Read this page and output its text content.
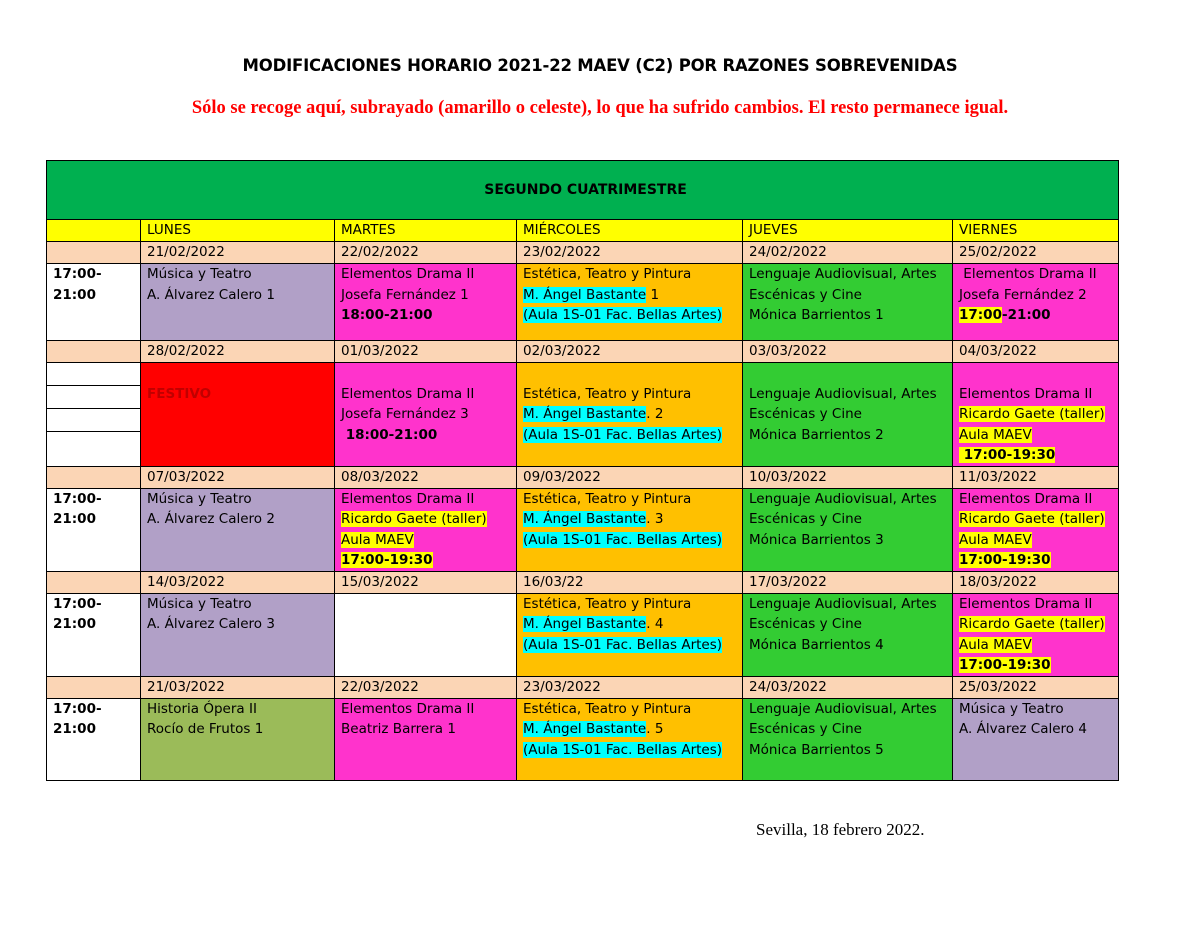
MODIFICACIONES HORARIO 2021-22 MAEV (C2) POR RAZONES SOBREVENIDAS
Sólo se recoge aquí, subrayado (amarillo o celeste), lo que ha sufrido cambios. El resto permanece igual.
SEGUNDO CUATRIMESTRE					
	LUNES	MARTES	MIÉRCOLES	JUEVES	VIERNES
	21/02/2022	22/02/2022	23/02/2022	24/02/2022	25/02/2022

17:00-
21:00	Música y Teatro
A. Álvarez Calero 1	Elementos Drama II
Josefa Fernández 1
18:00-21:00	Estética, Teatro y Pintura
M. Ángel Bastante 1
(Aula 1S-01 Fac. Bellas Artes)	Lenguaje Audiovisual, Artes
Escénicas y Cine
Mónica Barrientos 1	Elementos Drama II
Josefa Fernández 2
17:00-21:00

	28/02/2022	01/03/2022	02/03/2022	03/03/2022	04/03/2022

	FESTIVO	Elementos Drama II
Josefa Fernández 3
18:00-21:00	Estética, Teatro y Pintura
M. Ángel Bastante. 2
(Aula 1S-01 Fac. Bellas Artes)	Lenguaje Audiovisual, Artes
Escénicas y Cine
Mónica Barrientos 2	Elementos Drama II
Ricardo Gaete (taller)
Aula MAEV
17:00-19:30

	07/03/2022	08/03/2022	09/03/2022	10/03/2022	11/03/2022

17:00-
21:00	Música y Teatro
A. Álvarez Calero 2	Elementos Drama II
Ricardo Gaete (taller)
Aula MAEV
17:00-19:30	Estética, Teatro y Pintura
M. Ángel Bastante. 3
(Aula 1S-01 Fac. Bellas Artes)	Lenguaje Audiovisual, Artes
Escénicas y Cine
Mónica Barrientos 3	Elementos Drama II
Ricardo Gaete (taller)
Aula MAEV
17:00-19:30

	14/03/2022	15/03/2022	16/03/22	17/03/2022	18/03/2022

17:00-
21:00	Música y Teatro
A. Álvarez Calero 3		Estética, Teatro y Pintura
M. Ángel Bastante. 4
(Aula 1S-01 Fac. Bellas Artes)	Lenguaje Audiovisual, Artes
Escénicas y Cine
Mónica Barrientos 4	Elementos Drama II
Ricardo Gaete (taller)
Aula MAEV
17:00-19:30

	21/03/2022	22/03/2022	23/03/2022	24/03/2022	25/03/2022

17:00-
21:00	Historia Ópera II
Rocío de Frutos 1	Elementos Drama II
Beatriz Barrera 1	Estética, Teatro y Pintura
M. Ángel Bastante. 5
(Aula 1S-01 Fac. Bellas Artes)	Lenguaje Audiovisual, Artes
Escénicas y Cine
Mónica Barrientos 5	Música y Teatro
A. Álvarez Calero 4
Sevilla, 18 febrero 2022.
